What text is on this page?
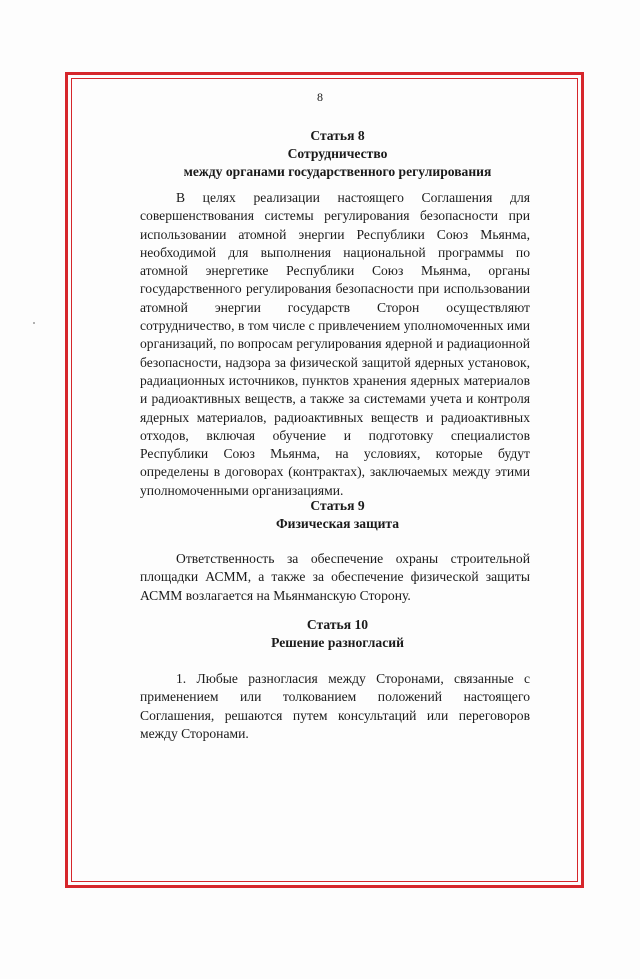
8
Статья 8
Сотрудничество
между органами государственного регулирования
В целях реализации настоящего Соглашения для совершенствования системы регулирования безопасности при использовании атомной энергии Республики Союз Мьянма, необходимой для выполнения национальной программы по атомной энергетике Республики Союз Мьянма, органы государственного регулирования безопасности при использовании атомной энергии государств Сторон осуществляют сотрудничество, в том числе с привлечением уполномоченных ими организаций, по вопросам регулирования ядерной и радиационной безопасности, надзора за физической защитой ядерных установок, радиационных источников, пунктов хранения ядерных материалов и радиоактивных веществ, а также за системами учета и контроля ядерных материалов, радиоактивных веществ и радиоактивных отходов, включая обучение и подготовку специалистов Республики Союз Мьянма, на условиях, которые будут определены в договорах (контрактах), заключаемых между этими уполномоченными организациями.
Статья 9
Физическая защита
Ответственность за обеспечение охраны строительной площадки АСММ, а также за обеспечение физической защиты АСММ возлагается на Мьянманскую Сторону.
Статья 10
Решение разногласий
1. Любые разногласия между Сторонами, связанные с применением или толкованием положений настоящего Соглашения, решаются путем консультаций или переговоров между Сторонами.
